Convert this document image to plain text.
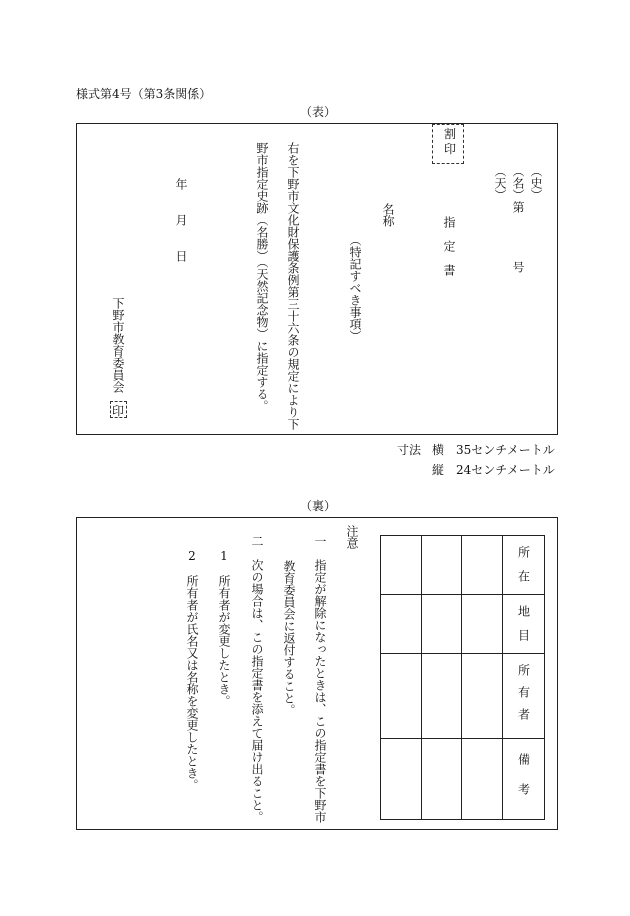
様式第4号（第3条関係）
（表）
割印
（史）
（名）第　　　　号
（天）
指　定　書
名称
（特記すべき事項）
右を下野市文化財保護条例第三十六条の規定により下
野市指定史跡（名勝）（天然記念物）に指定する。
年　　月　　日
下野市教育委員会
印
寸法 横　35センチメートル
縦　24センチメートル
（裏）

			所在

			地目

			所有者

			備考
注意
一　指定が解除になったときは、この指定書を下野市
教育委員会に返付すること。
二　次の場合は、この指定書を添えて届け出ること。
1　所有者が変更したとき。
2　所有者が氏名又は名称を変更したとき。
